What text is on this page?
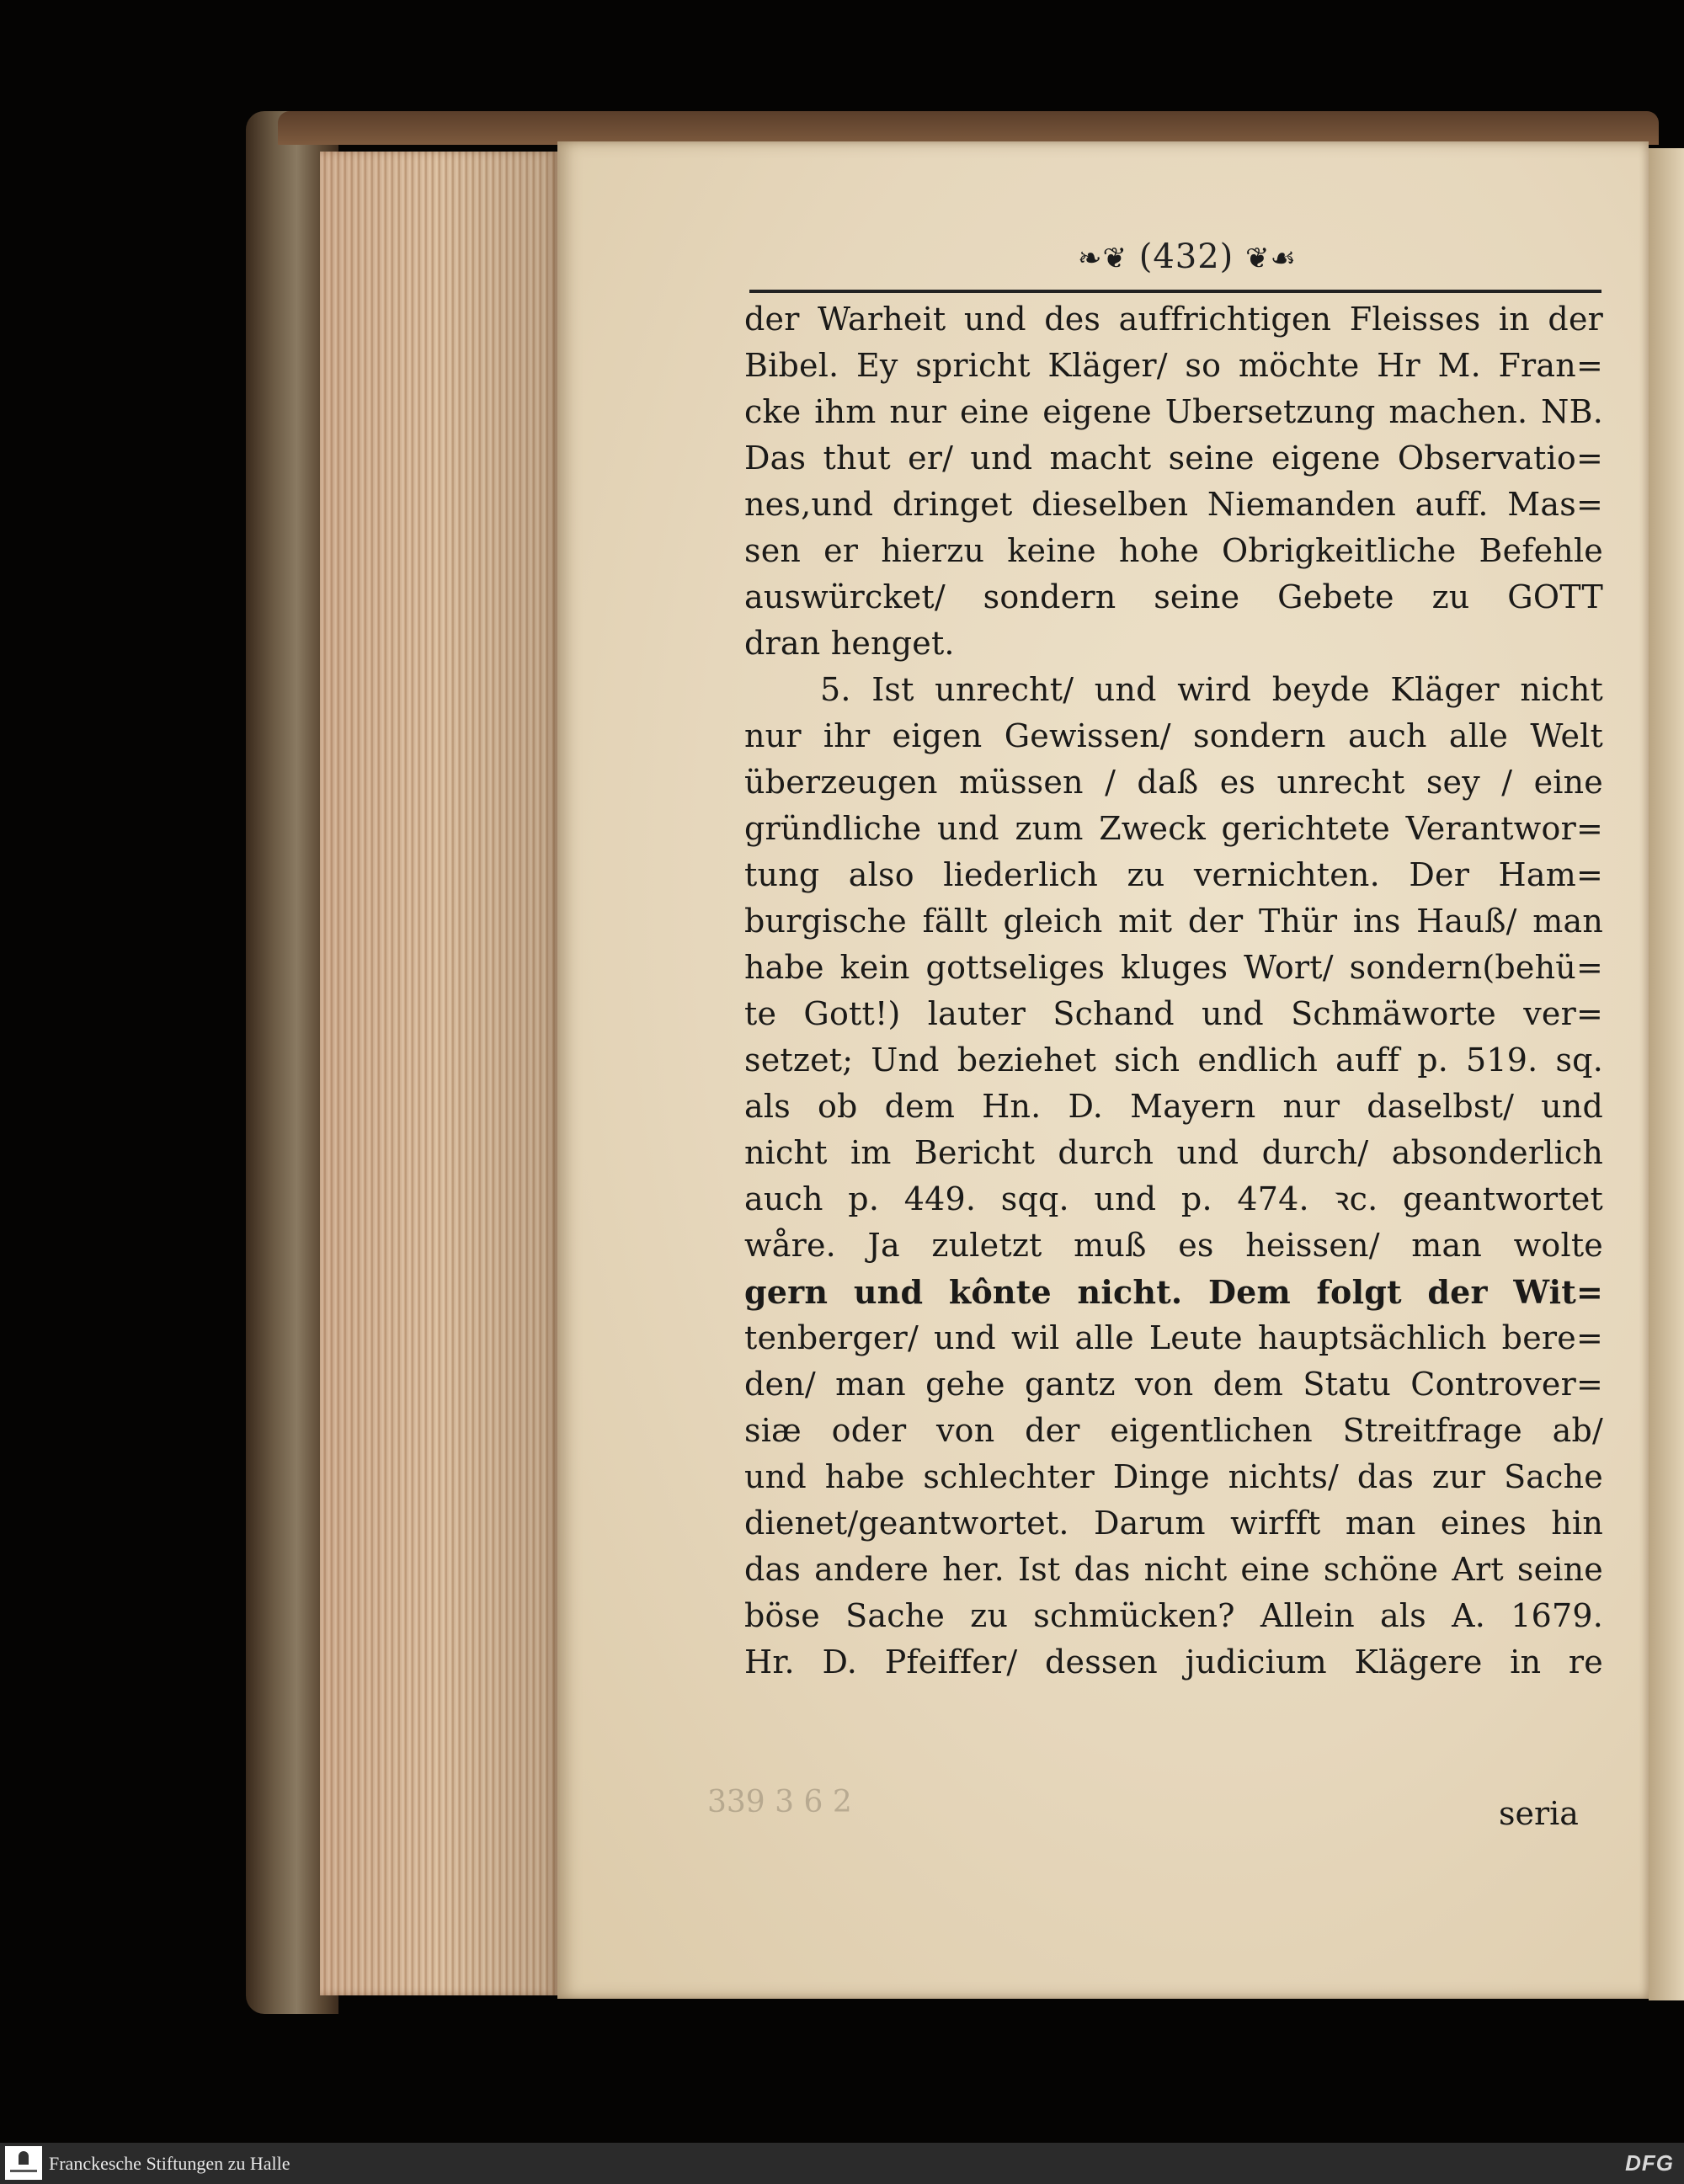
❧❦ (432) ❦☙
der Warheit und des auffrichtigen Fleisses in der
Bibel. Ey spricht Kläger/ so möchte Hr M. Fran=
cke ihm nur eine eigene Ubersetzung machen. NB.
Das thut er/ und macht seine eigene Observatio=
nes,und dringet dieselben Niemanden auff. Mas=
sen er hierzu keine hohe Obrigkeitliche Befehle
auswürcket/ sondern seine Gebete zu GOTT
dran henget.
5. Ist unrecht/ und wird beyde Kläger nicht
nur ihr eigen Gewissen/ sondern auch alle Welt
überzeugen müssen / daß es unrecht sey / eine
gründliche und zum Zweck gerichtete Verantwor=
tung also liederlich zu vernichten. Der Ham=
burgische fällt gleich mit der Thür ins Hauß/ man
habe kein gottseliges kluges Wort/ sondern(behü=
te Gott!) lauter Schand und Schmäworte ver=
setzet; Und beziehet sich endlich auff p. 519. sq.
als ob dem Hn. D. Mayern nur daselbst/ und
nicht im Bericht durch und durch/ absonderlich
auch p. 449. sqq. und p. 474. ꝛc. geantwortet
wåre. Ja zuletzt muß es heissen/ man wolte
gern und kônte nicht. Dem folgt der Wit=
tenberger/ und wil alle Leute hauptsächlich bere=
den/ man gehe gantz von dem Statu Controver=
siæ oder von der eigentlichen Streitfrage ab/
und habe schlechter Dinge nichts/ das zur Sache
dienet/geantwortet. Darum wirfft man eines hin
das andere her. Ist das nicht eine schöne Art seine
böse Sache zu schmücken? Allein als A. 1679.
Hr. D. Pfeiffer/ dessen judicium Klägere in re
339 3 6 2	seria
Franckesche Stiftungen zu Halle	DFG
